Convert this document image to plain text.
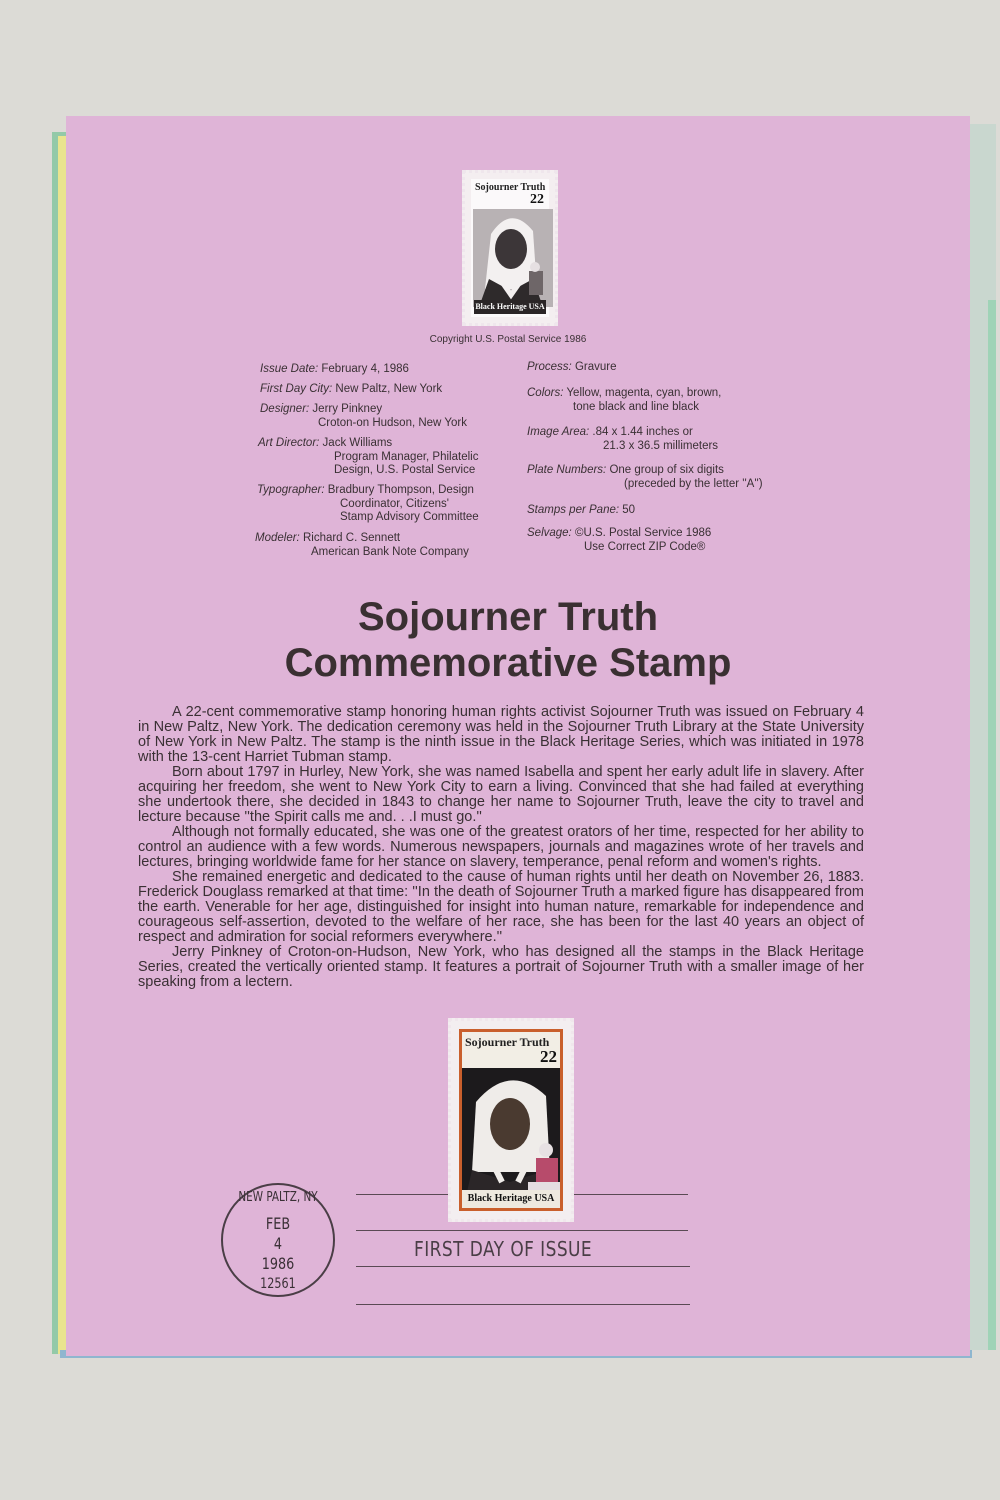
Sojourner Truth
22
Black Heritage USA
Copyright U.S. Postal Service 1986
Issue Date: February 4, 1986
First Day City: New Paltz, New York
Designer: Jerry Pinkney
Croton-on Hudson, New York
Art Director: Jack Williams
Program Manager, Philatelic
Design, U.S. Postal Service
Typographer: Bradbury Thompson, Design
Coordinator, Citizens'
Stamp Advisory Committee
Modeler: Richard C. Sennett
American Bank Note Company
Process: Gravure
Colors: Yellow, magenta, cyan, brown,
tone black and line black
Image Area: .84 x 1.44 inches or
21.3 x 36.5 millimeters
Plate Numbers: One group of six digits
(preceded by the letter ''A'')
Stamps per Pane: 50
Selvage: ©U.S. Postal Service 1986
Use Correct ZIP Code®
Sojourner Truth
Commemorative Stamp

A 22-cent commemorative stamp honoring human rights activist Sojourner Truth was issued on February 4 in New Paltz, New York. The dedication ceremony was held in the Sojourner Truth Library at the State University of New York in New Paltz. The stamp is the ninth issue in the Black Heritage Series, which was initiated in 1978 with the 13-cent Harriet Tubman stamp.

Born about 1797 in Hurley, New York, she was named Isabella and spent her early adult life in slavery. After acquiring her freedom, she went to New York City to earn a living. Convinced that she had failed at everything she undertook there, she decided in 1843 to change her name to Sojourner Truth, leave the city to travel and lecture because ''the Spirit calls me and. . .I must go.''

Although not formally educated, she was one of the greatest orators of her time, respected for her ability to control an audience with a few words. Numerous newspapers, journals and magazines wrote of her travels and lectures, bringing worldwide fame for her stance on slavery, temperance, penal reform and women's rights.

She remained energetic and dedicated to the cause of human rights until her death on November 26, 1883. Frederick Douglass remarked at that time: ''In the death of Sojourner Truth a marked figure has disappeared from the earth. Venerable for her age, distinguished for insight into human nature, remarkable for independence and courageous self-assertion, devoted to the welfare of her race, she has been for the last 40 years an object of respect and admiration for social reformers everywhere.''

Jerry Pinkney of Croton-on-Hudson, New York, who has designed all the stamps in the Black Heritage Series, created the vertically oriented stamp. It features a portrait of Sojourner Truth with a smaller image of her speaking from a lectern.

Sojourner Truth
22
Black Heritage USA
FIRST DAY OF ISSUE
NEW PALTZ, NY
FEB
4
1986
12561
